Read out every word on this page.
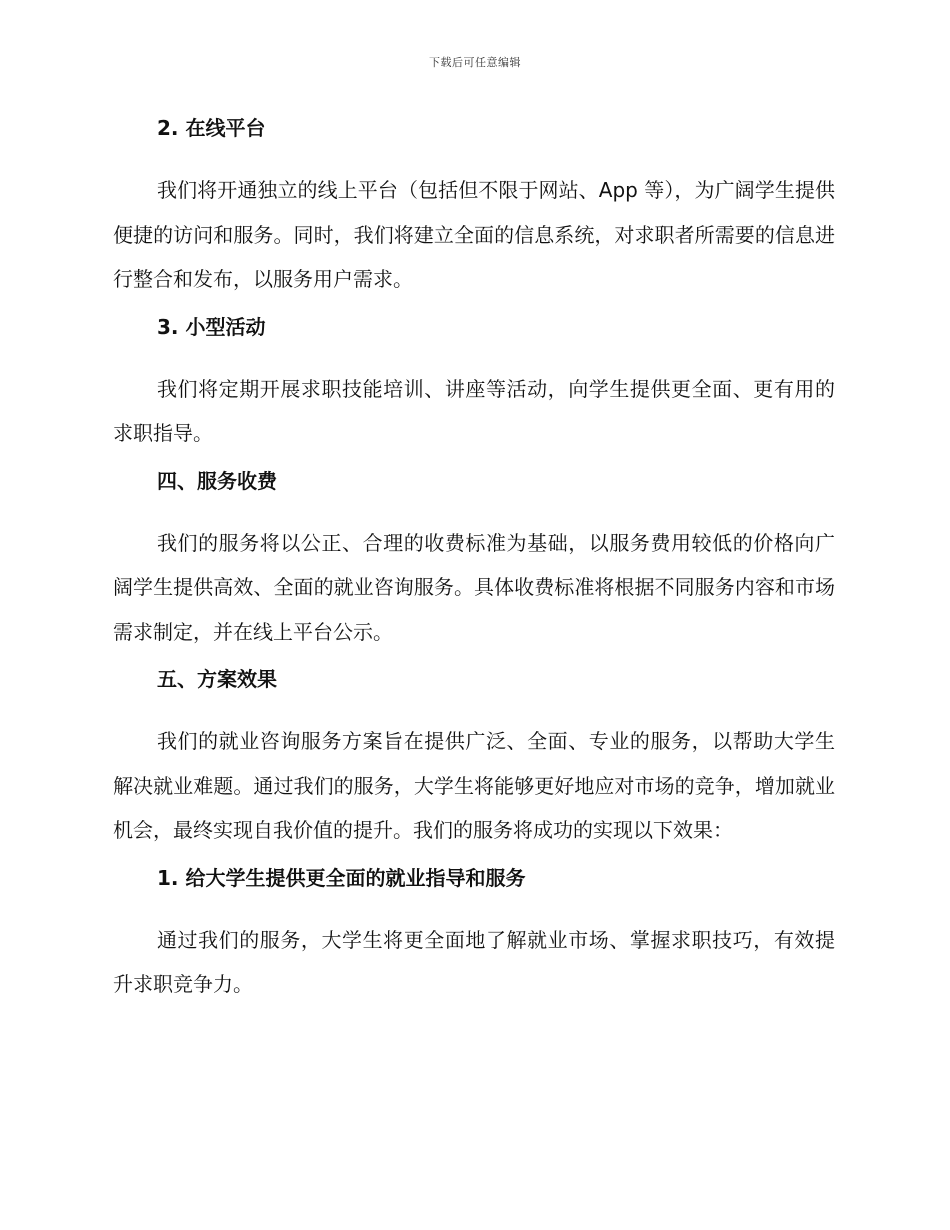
下载后可任意编辑
2. 在线平台

我们将开通独立的线上平台（包括但不限于网站、App 等），为广阔学生提供便捷的访问和服务。同时，我们将建立全面的信息系统，对求职者所需要的信息进行整合和发布，以服务用户需求。

3. 小型活动

我们将定期开展求职技能培训、讲座等活动，向学生提供更全面、更有用的求职指导。

四、服务收费

我们的服务将以公正、合理的收费标准为基础，以服务费用较低的价格向广阔学生提供高效、全面的就业咨询服务。具体收费标准将根据不同服务内容和市场需求制定，并在线上平台公示。

五、方案效果

我们的就业咨询服务方案旨在提供广泛、全面、专业的服务，以帮助大学生解决就业难题。通过我们的服务，大学生将能够更好地应对市场的竞争，增加就业机会，最终实现自我价值的提升。我们的服务将成功的实现以下效果：

1. 给大学生提供更全面的就业指导和服务

通过我们的服务，大学生将更全面地了解就业市场、掌握求职技巧，有效提升求职竞争力。
